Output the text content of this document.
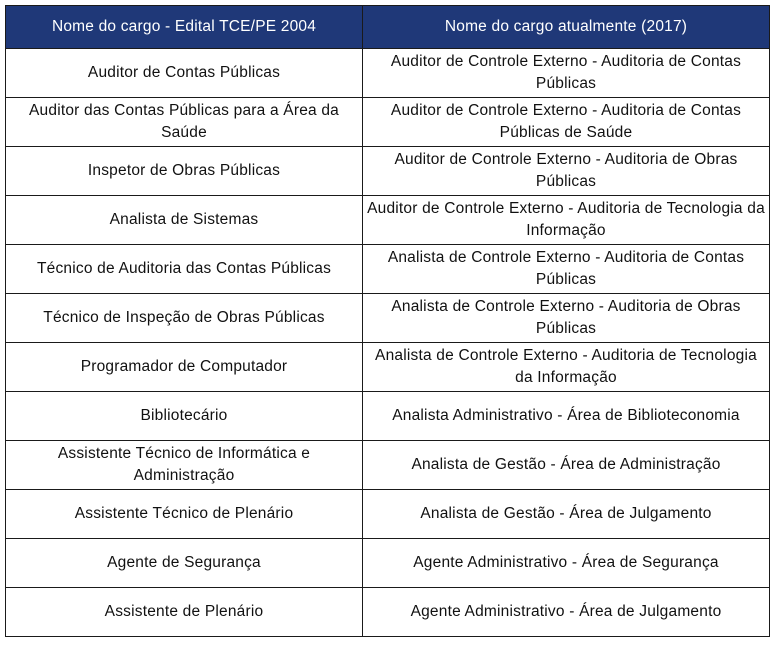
Nome do cargo - Edital TCE/PE 2004	Nome do cargo atualmente (2017)
Auditor de Contas Públicas	Auditor de Controle Externo - Auditoria de Contas Públicas
Auditor das Contas Públicas para a Área da Saúde	Auditor de Controle Externo - Auditoria de Contas Públicas de Saúde
Inspetor de Obras Públicas	Auditor de Controle Externo - Auditoria de Obras Públicas
Analista de Sistemas	Auditor de Controle Externo - Auditoria de Tecnologia da Informação
Técnico de Auditoria das Contas Públicas	Analista de Controle Externo - Auditoria de Contas Públicas
Técnico de Inspeção de Obras Públicas	Analista de Controle Externo - Auditoria de Obras Públicas
Programador de Computador	Analista de Controle Externo - Auditoria de Tecnologia da Informação
Bibliotecário	Analista Administrativo - Área de Biblioteconomia
Assistente Técnico de Informática e Administração	Analista de Gestão - Área de Administração
Assistente Técnico de Plenário	Analista de Gestão - Área de Julgamento
Agente de Segurança	Agente Administrativo - Área de Segurança
Assistente de Plenário	Agente Administrativo - Área de Julgamento
